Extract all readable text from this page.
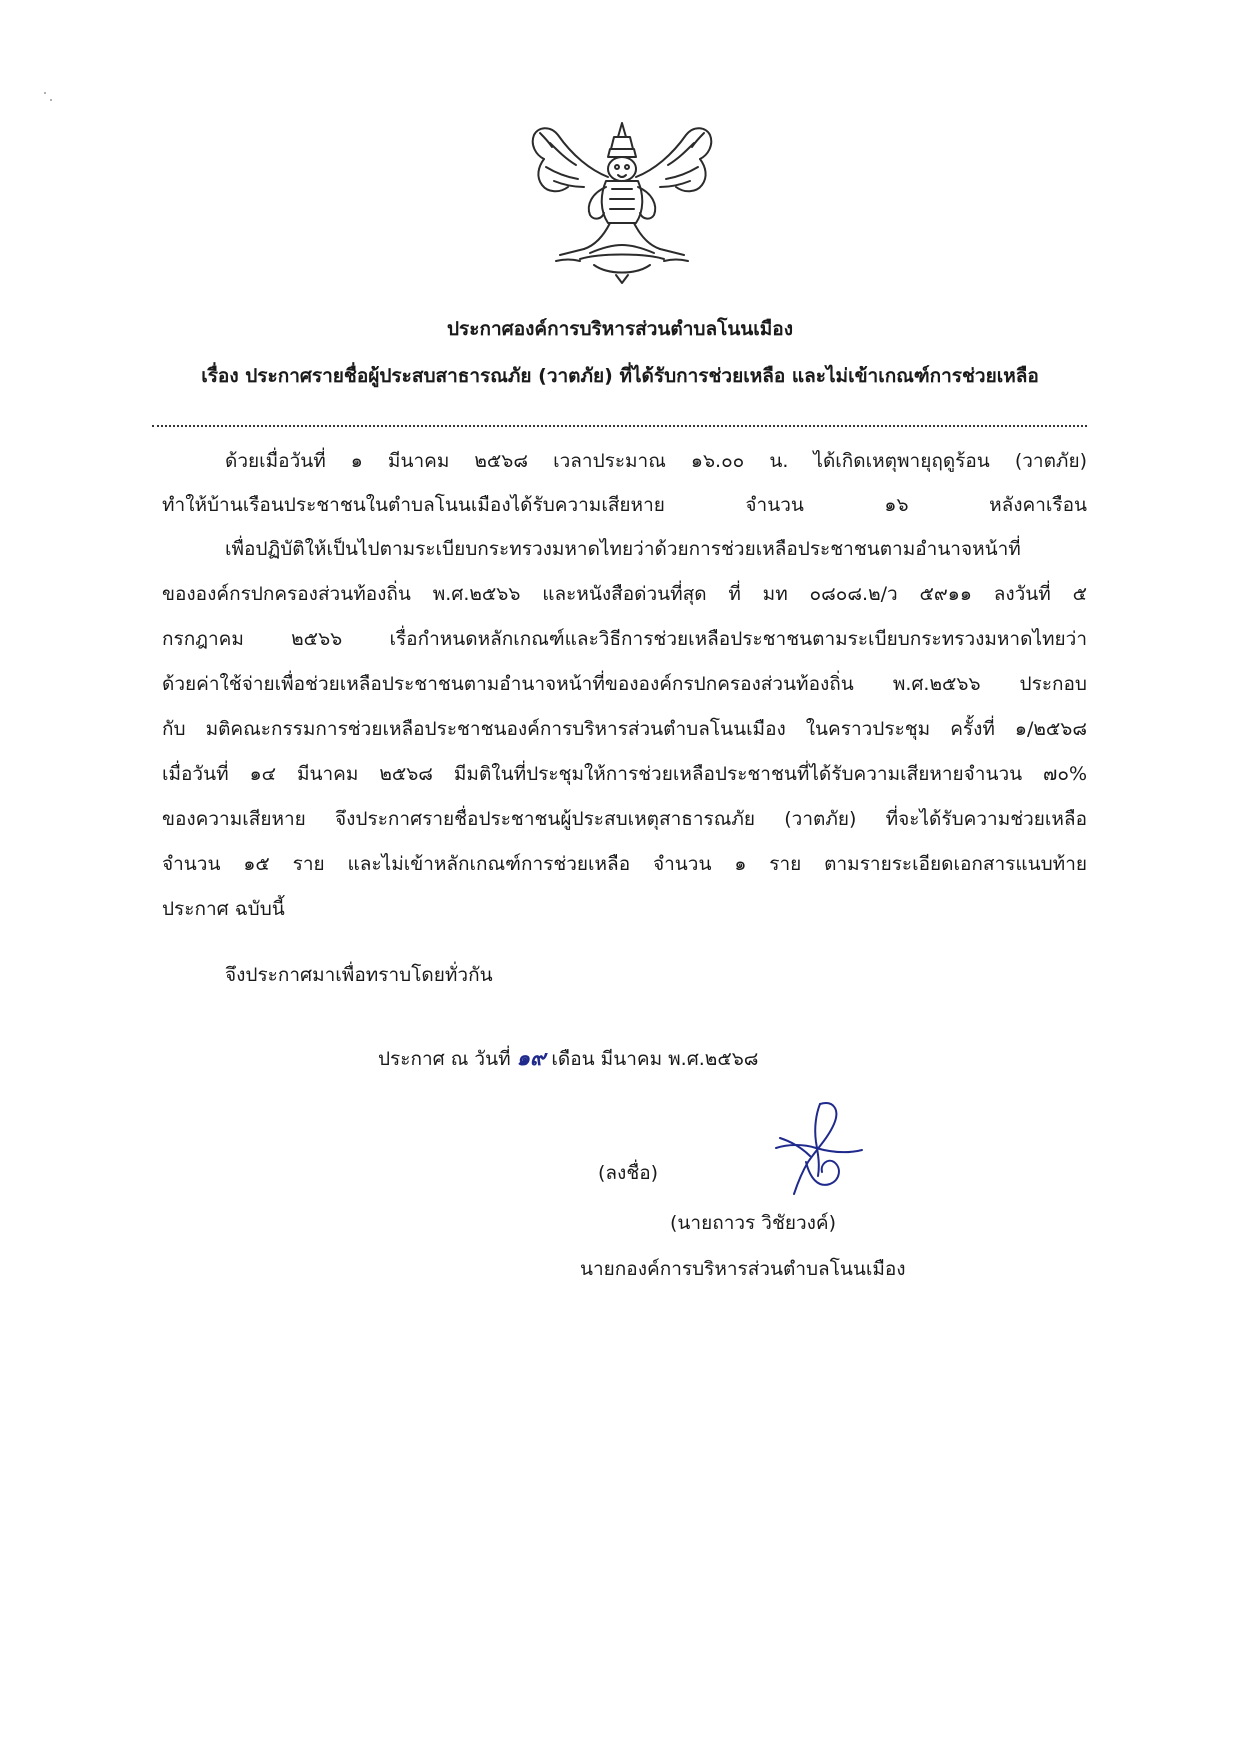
ประกาศองค์การบริหารส่วนตำบลโนนเมือง
เรื่อง ประกาศรายชื่อผู้ประสบสาธารณภัย (วาตภัย) ที่ได้รับการช่วยเหลือ และไม่เข้าเกณฑ์การช่วยเหลือ
ด้วยเมื่อวันที่ ๑ มีนาคม ๒๕๖๘ เวลาประมาณ ๑๖.๐๐ น. ได้เกิดเหตุพายุฤดูร้อน (วาตภัย)
ทำให้บ้านเรือนประชาชนในตำบลโนนเมืองได้รับความเสียหาย จำนวน ๑๖ หลังคาเรือน
เพื่อปฏิบัติให้เป็นไปตามระเบียบกระทรวงมหาดไทยว่าด้วยการช่วยเหลือประชาชนตามอำนาจหน้าที่
ขององค์กรปกครองส่วนท้องถิ่น พ.ศ.๒๕๖๖ และหนังสือด่วนที่สุด ที่ มท ๐๘๐๘.๒/ว ๕๙๑๑ ลงวันที่ ๕
กรกฎาคม ๒๕๖๖ เรื่อกำหนดหลักเกณฑ์และวิธีการช่วยเหลือประชาชนตามระเบียบกระทรวงมหาดไทยว่า
ด้วยค่าใช้จ่ายเพื่อช่วยเหลือประชาชนตามอำนาจหน้าที่ขององค์กรปกครองส่วนท้องถิ่น พ.ศ.๒๕๖๖ ประกอบ
กับ มติคณะกรรมการช่วยเหลือประชาชนองค์การบริหารส่วนตำบลโนนเมือง ในคราวประชุม ครั้งที่ ๑/๒๕๖๘
เมื่อวันที่ ๑๔ มีนาคม ๒๕๖๘ มีมติในที่ประชุมให้การช่วยเหลือประชาชนที่ได้รับความเสียหายจำนวน ๗๐%
ของความเสียหาย จึงประกาศรายชื่อประชาชนผู้ประสบเหตุสาธารณภัย (วาตภัย) ที่จะได้รับความช่วยเหลือ
จำนวน ๑๕ ราย และไม่เข้าหลักเกณฑ์การช่วยเหลือ จำนวน ๑ ราย ตามรายระเอียดเอกสารแนบท้าย
ประกาศ ฉบับนี้
จึงประกาศมาเพื่อทราบโดยทั่วกัน
ประกาศ ณ วันที่ ๑๙ เดือน มีนาคม พ.ศ.๒๕๖๘
(ลงชื่อ)
(นายถาวร วิชัยวงค์)
นายกองค์การบริหารส่วนตำบลโนนเมือง
